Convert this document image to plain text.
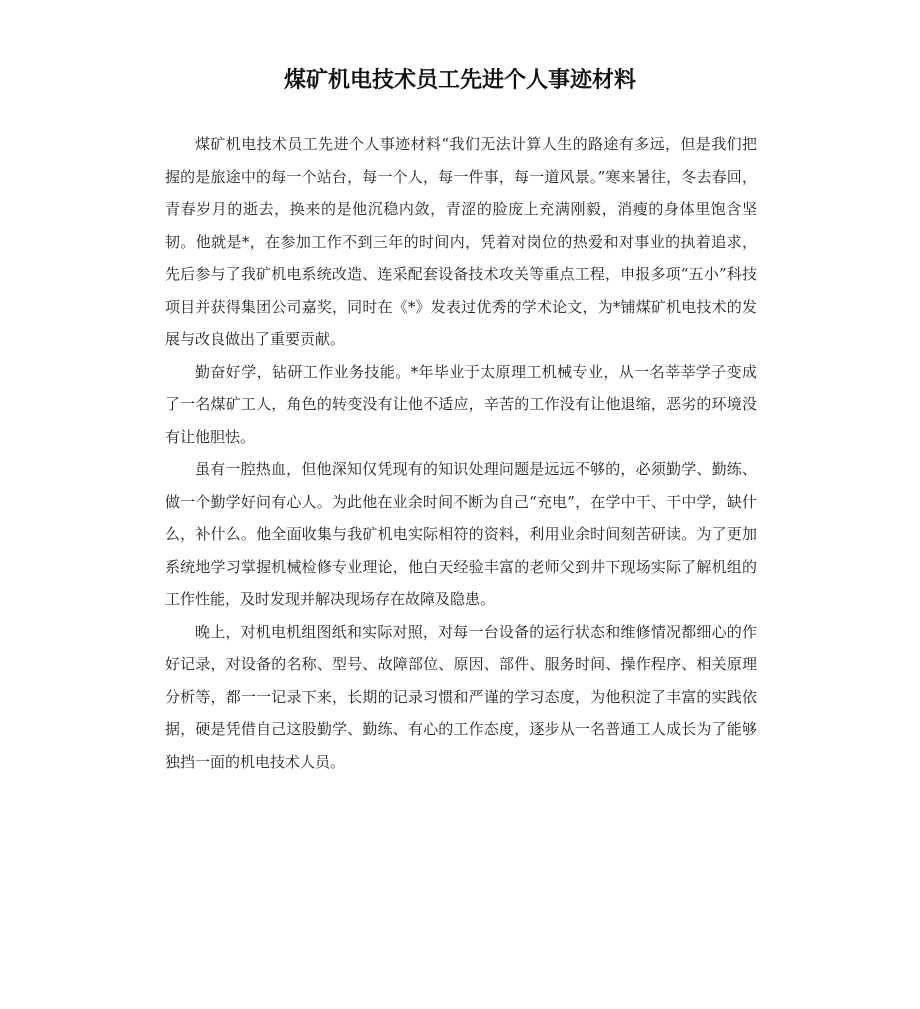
煤矿机电技术员工先进个人事迹材料

煤矿机电技术员工先进个人事迹材料“我们无法计算人生的路途有多远，但是我们把握的是旅途中的每一个站台，每一个人，每一件事，每一道风景。”寒来暑往，冬去春回，青春岁月的逝去，换来的是他沉稳内敛，青涩的脸庞上充满刚毅，消瘦的身体里饱含坚韧。他就是*，在参加工作不到三年的时间内，凭着对岗位的热爱和对事业的执着追求，先后参与了我矿机电系统改造、连采配套设备技术攻关等重点工程，申报多项“五小”科技项目并获得集团公司嘉奖，同时在《*》发表过优秀的学术论文，为*铺煤矿机电技术的发展与改良做出了重要贡献。

勤奋好学，钻研工作业务技能。*年毕业于太原理工机械专业，从一名莘莘学子变成了一名煤矿工人，角色的转变没有让他不适应，辛苦的工作没有让他退缩，恶劣的环境没有让他胆怯。

虽有一腔热血，但他深知仅凭现有的知识处理问题是远远不够的，必须勤学、勤练、做一个勤学好问有心人。为此他在业余时间不断为自己“充电”，在学中干、干中学，缺什么，补什么。他全面收集与我矿机电实际相符的资料，利用业余时间刻苦研读。为了更加系统地学习掌握机械检修专业理论，他白天经验丰富的老师父到井下现场实际了解机组的工作性能，及时发现并解决现场存在故障及隐患。

晚上，对机电机组图纸和实际对照，对每一台设备的运行状态和维修情况都细心的作好记录，对设备的名称、型号、故障部位、原因、部件、服务时间、操作程序、相关原理分析等，都一一记录下来，长期的记录习惯和严谨的学习态度，为他积淀了丰富的实践依据，硬是凭借自己这股勤学、勤练、有心的工作态度，逐步从一名普通工人成长为了能够独挡一面的机电技术人员。
